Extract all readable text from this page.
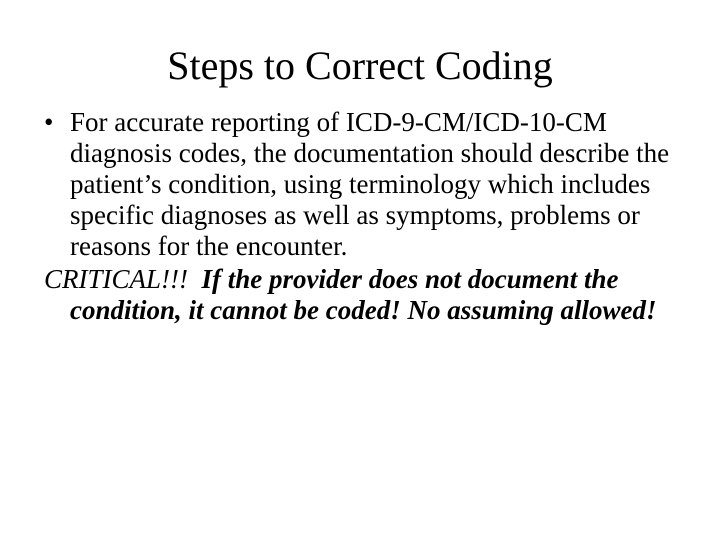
Steps to Correct Coding

• For accurate reporting of ICD-9-CM/ICD-10-CM diagnosis codes, the documentation should describe the patient’s condition, using terminology which includes specific diagnoses as well as symptoms, problems or reasons for the encounter.

CRITICAL!!! If the provider does not document the condition, it cannot be coded! No assuming allowed!
